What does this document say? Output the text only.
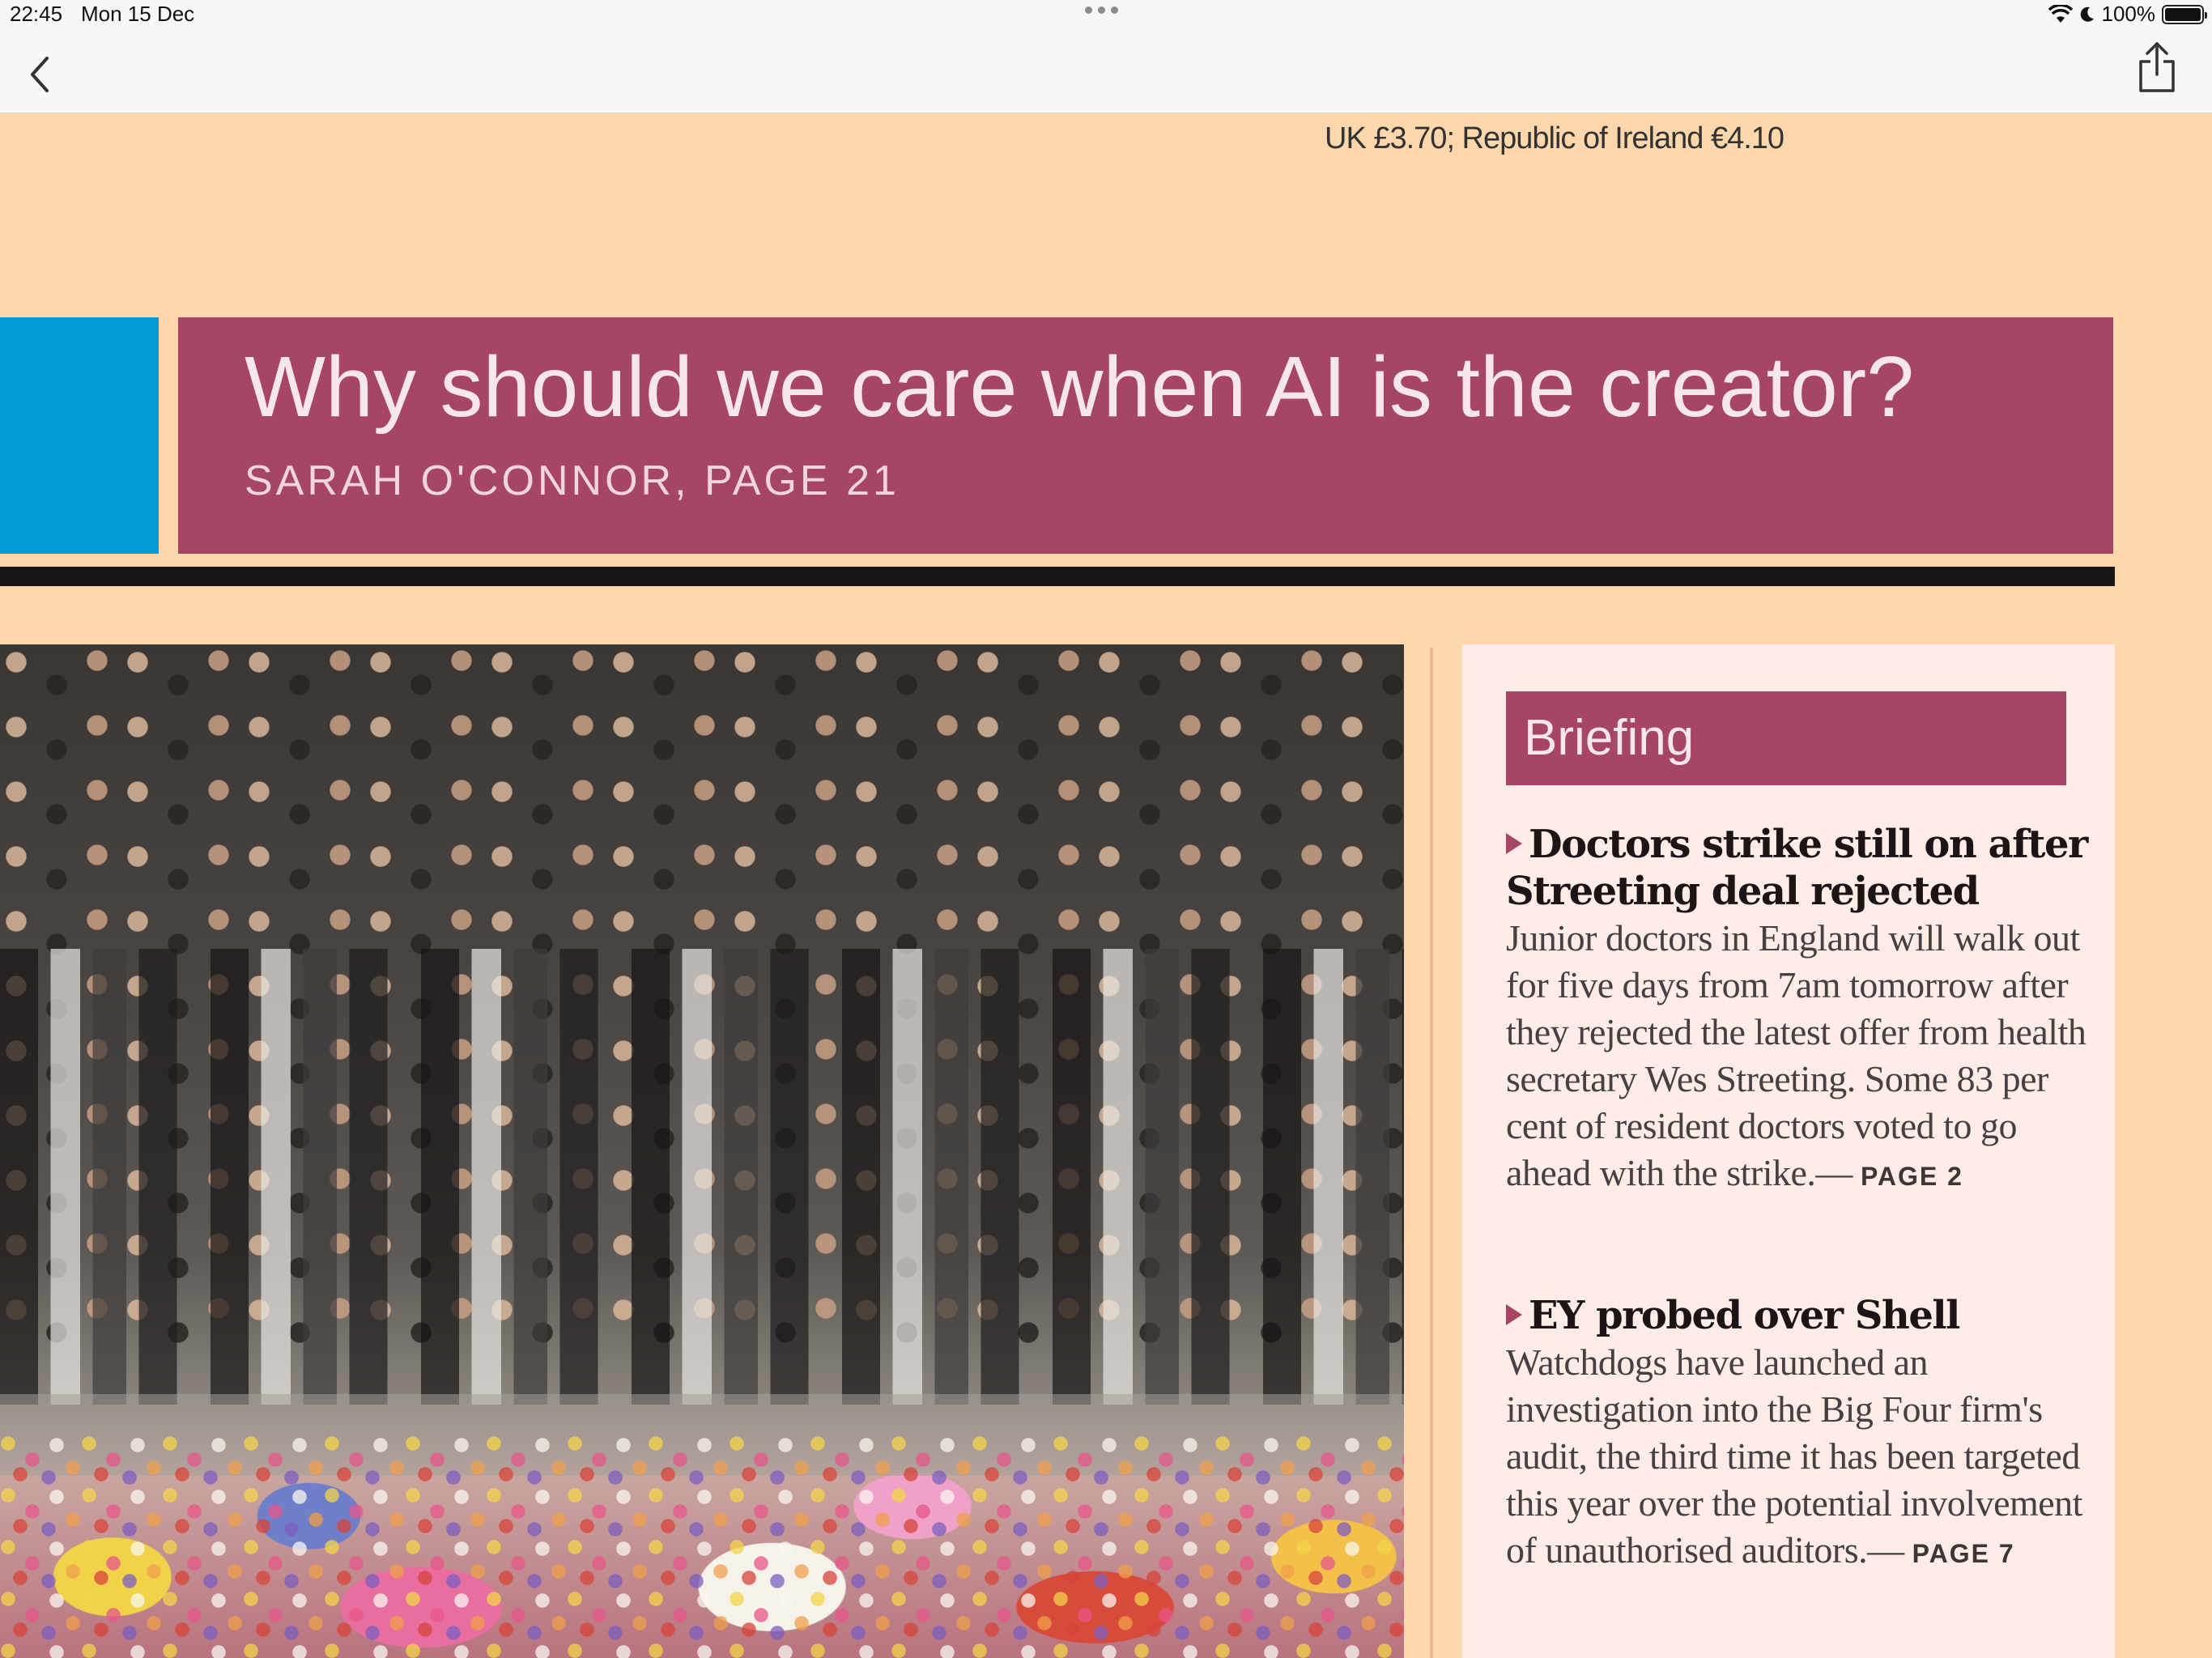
22:45 Mon 15 Dec	100%
UK £3.70; Republic of Ireland €4.10
Why should we care when AI is the creator?
SARAH O'CONNOR, PAGE 21
Briefing
Doctors strike still on after Streeting deal rejected
Junior doctors in England will walk out for five days from 7am tomorrow after they rejected the latest offer from health secretary Wes Streeting. Some 83 per cent of resident doctors voted to go ahead with the strike.— PAGE 2
EY probed over Shell
Watchdogs have launched an investigation into the Big Four firm's audit, the third time it has been targeted this year over the potential involvement of unauthorised auditors.— PAGE 7
